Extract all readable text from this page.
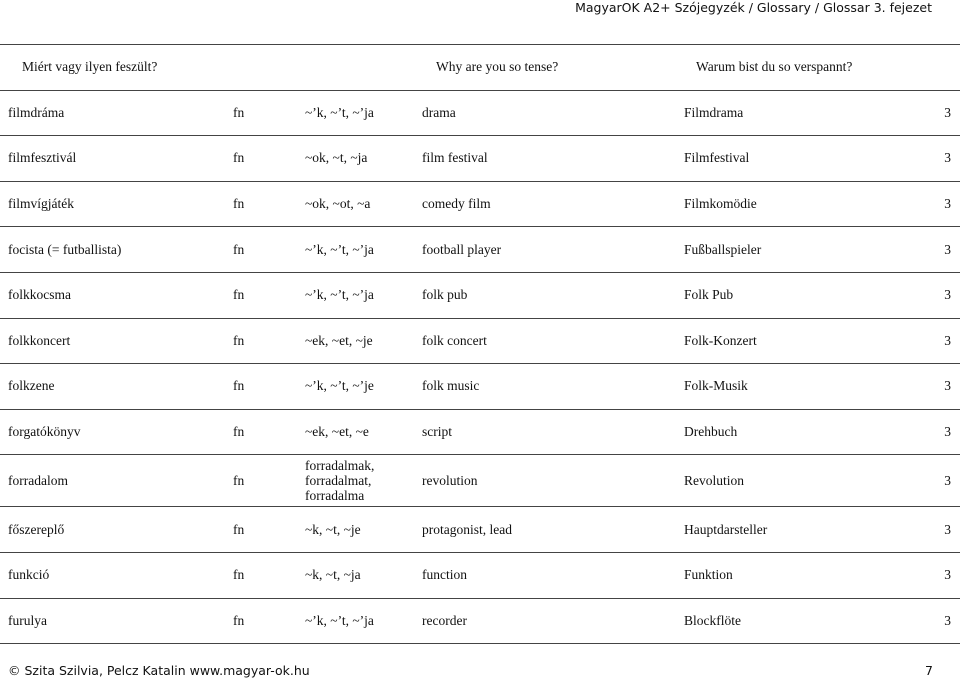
MagyarOK A2+ Szójegyzék / Glossary / Glossar 3. fejezet
Miért vagy ilyen feszült?			Why are you so tense?	Warum bist du so verspannt?	
filmdráma	fn	~’k, ~’t, ~’ja	drama	Filmdrama	3
filmfesztivál	fn	~ok, ~t, ~ja	film festival	Filmfestival	3
filmvígjáték	fn	~ok, ~ot, ~a	comedy film	Filmkomödie	3
focista (= futballista)	fn	~’k, ~’t, ~’ja	football player	Fußballspieler	3
folkkocsma	fn	~’k, ~’t, ~’ja	folk pub	Folk Pub	3
folkkoncert	fn	~ek, ~et, ~je	folk concert	Folk-Konzert	3
folkzene	fn	~’k, ~’t, ~’je	folk music	Folk-Musik	3
forgatókönyv	fn	~ek, ~et, ~e	script	Drehbuch	3
forradalom	fn	forradalmak, forradalmat, forradalma	revolution	Revolution	3
főszereplő	fn	~k, ~t, ~je	protagonist, lead	Hauptdarsteller	3
funkció	fn	~k, ~t, ~ja	function	Funktion	3
furulya	fn	~’k, ~’t, ~’ja	recorder	Blockflöte	3
© Szita Szilvia, Pelcz Katalin www.magyar-ok.hu	7
